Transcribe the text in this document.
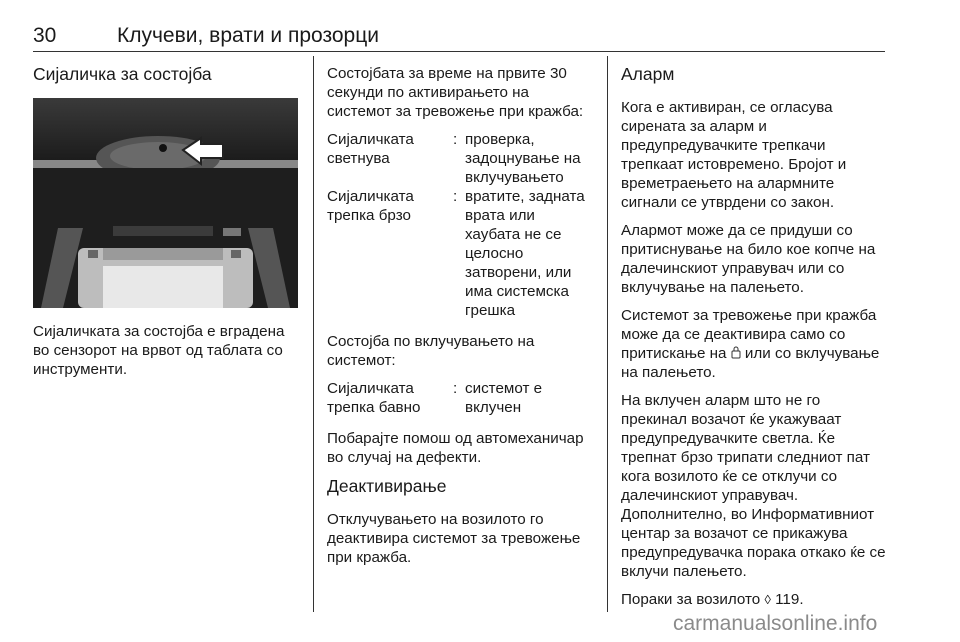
30	Клучеви, врати и прозорци
Сијаличка за состојба

Сијаличката за состојба е вградена во сензорот на врвот од таблата со инструменти.

Состојбата за време на првите 30 секунди по активирањето на системот за тревожење при кражба:

Сијаличката светнува
: проверка, задоцнување на вклучувањето
Сијаличката трепка брзо
: вратите, задната врата или хаубата не се целосно затворени, или има системска грешка

Состојба по вклучувањето на системот:

Сијаличката трепка бавно
: системот е вклучен

Побарајте помош од автомеханичар во случај на дефекти.

Деактивирање

Отклучувањето на возилото го деактивира системот за тревожење при кражба.

Аларм

Кога е активиран, се огласува сирената за аларм и предупредувачките трепкачи трепкаат истовремено. Бројот и времетраењето на алармните сигнали се утврдени со закон.

Алармот може да се придуши со притиснување на било кое копче на далечинскиот управувач или со вклучување на палењето.

Системот за тревожење при кражба може да се деактивира само со притискање на  или со вклучување на палењето.

На вклучен аларм што не го прекинал возачот ќе укажуваат предупредувачките светла. Ќе трепнат брзо трипати следниот пат кога возилото ќе се отклучи со далечинскиот управувач. Дополнително, во Информативниот центар за возачот се прикажува предупредувачка порака откако ќе се вклучи палењето.

Пораки за возилото ◊ 119.

carmanualsonline.info
